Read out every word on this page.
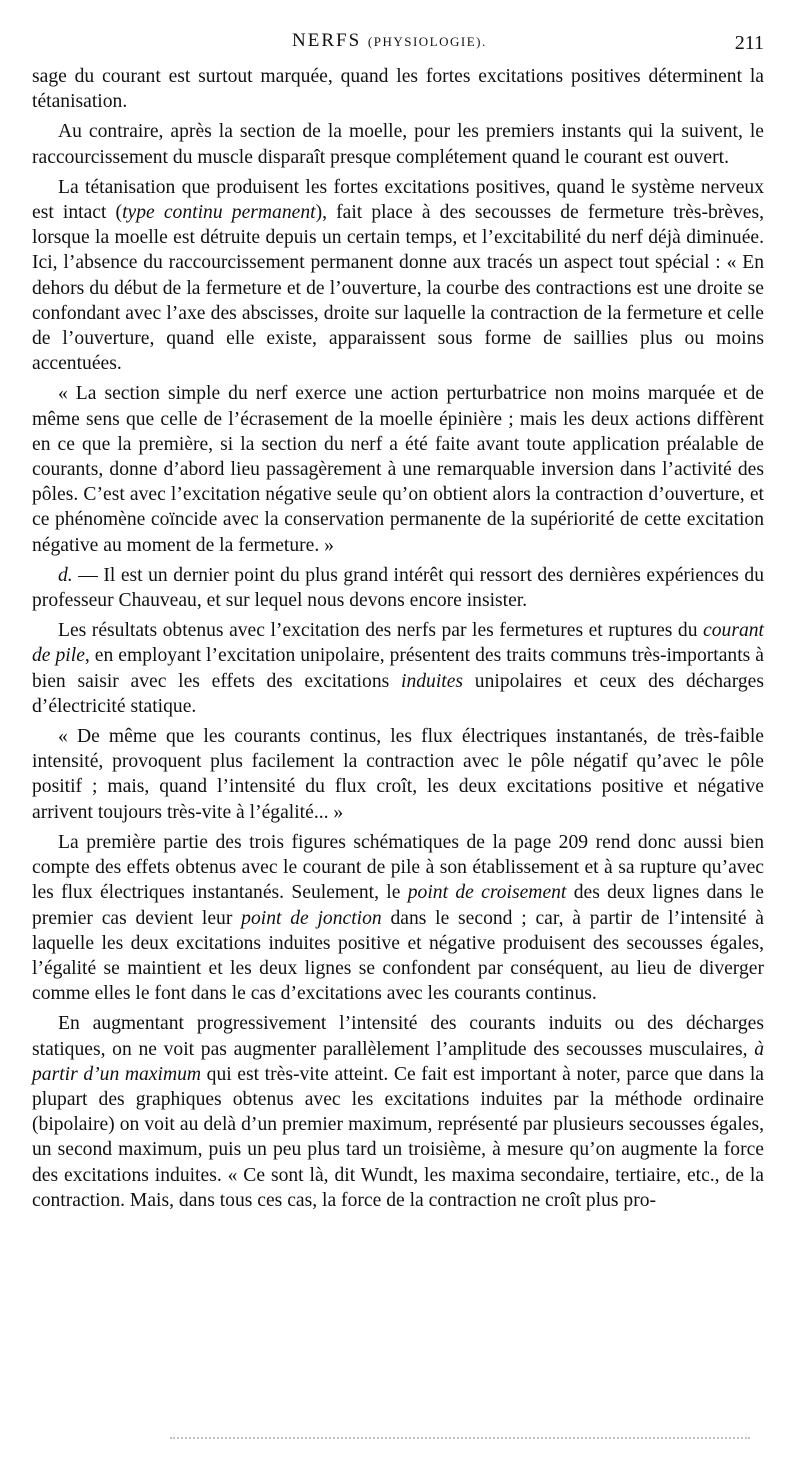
NERFS (PHYSIOLOGIE).	211

sage du courant est surtout marquée, quand les fortes excitations positives déterminent la tétanisation.

Au contraire, après la section de la moelle, pour les premiers instants qui la suivent, le raccourcissement du muscle disparaît presque complétement quand le courant est ouvert.

La tétanisation que produisent les fortes excitations positives, quand le système nerveux est intact (type continu permanent), fait place à des secousses de fermeture très-brèves, lorsque la moelle est détruite depuis un certain temps, et l’excitabilité du nerf déjà diminuée. Ici, l’absence du raccourcissement permanent donne aux tracés un aspect tout spécial : « En dehors du début de la fermeture et de l’ouverture, la courbe des contractions est une droite se confondant avec l’axe des abscisses, droite sur laquelle la contraction de la fermeture et celle de l’ouverture, quand elle existe, apparaissent sous forme de saillies plus ou moins accentuées.

« La section simple du nerf exerce une action perturbatrice non moins marquée et de même sens que celle de l’écrasement de la moelle épinière ; mais les deux actions diffèrent en ce que la première, si la section du nerf a été faite avant toute application préalable de courants, donne d’abord lieu passagèrement à une remarquable inversion dans l’activité des pôles. C’est avec l’excitation négative seule qu’on obtient alors la contraction d’ouverture, et ce phénomène coïncide avec la conservation permanente de la supériorité de cette excitation négative au moment de la fermeture. »

d. — Il est un dernier point du plus grand intérêt qui ressort des dernières expériences du professeur Chauveau, et sur lequel nous devons encore insister.

Les résultats obtenus avec l’excitation des nerfs par les fermetures et ruptures du courant de pile, en employant l’excitation unipolaire, présentent des traits communs très-importants à bien saisir avec les effets des excitations induites unipolaires et ceux des décharges d’électricité statique.

« De même que les courants continus, les flux électriques instantanés, de très-faible intensité, provoquent plus facilement la contraction avec le pôle négatif qu’avec le pôle positif ; mais, quand l’intensité du flux croît, les deux excitations positive et négative arrivent toujours très-vite à l’égalité... »

La première partie des trois figures schématiques de la page 209 rend donc aussi bien compte des effets obtenus avec le courant de pile à son établissement et à sa rupture qu’avec les flux électriques instantanés. Seulement, le point de croisement des deux lignes dans le premier cas devient leur point de jonction dans le second ; car, à partir de l’intensité à laquelle les deux excitations induites positive et négative produisent des secousses égales, l’égalité se maintient et les deux lignes se confondent par conséquent, au lieu de diverger comme elles le font dans le cas d’excitations avec les courants continus.

En augmentant progressivement l’intensité des courants induits ou des décharges statiques, on ne voit pas augmenter parallèlement l’amplitude des secousses musculaires, à partir d’un maximum qui est très-vite atteint. Ce fait est important à noter, parce que dans la plupart des graphiques obtenus avec les excitations induites par la méthode ordinaire (bipolaire) on voit au delà d’un premier maximum, représenté par plusieurs secousses égales, un second maximum, puis un peu plus tard un troisième, à mesure qu’on augmente la force des excitations induites. « Ce sont là, dit Wundt, les maxima secondaire, tertiaire, etc., de la contraction. Mais, dans tous ces cas, la force de la contraction ne croît plus pro-
